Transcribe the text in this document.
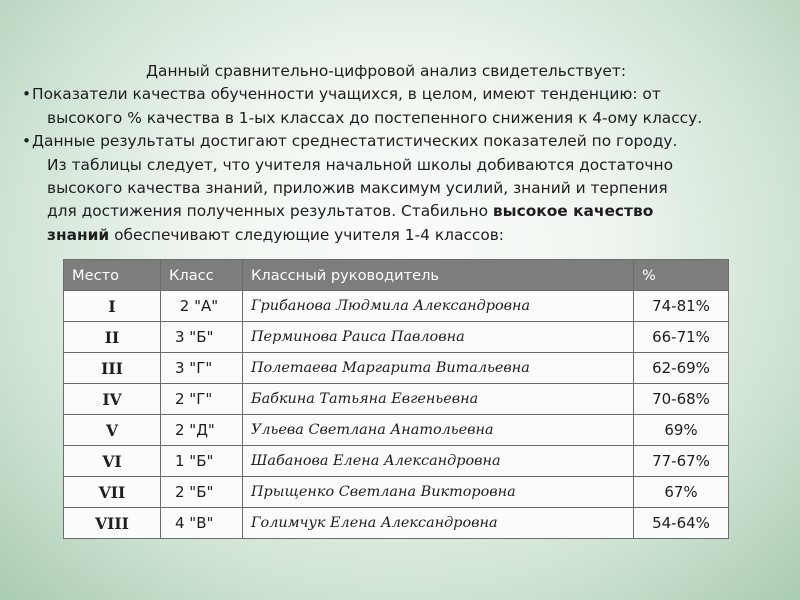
Данный сравнительно-цифровой анализ свидетельствует:
• Показатели качества обученности учащихся, в целом, имеют тенденцию: от
высокого % качества в 1-ых классах до постепенного снижения к 4-ому классу.
• Данные результаты достигают среднестатистических показателей по городу.
Из таблицы следует, что учителя начальной школы добиваются достаточно
высокого качества знаний, приложив максимум усилий, знаний и терпения
для достижения полученных результатов. Стабильно высокое качество
знаний обеспечивают следующие учителя 1-4 классов:
Место	Класс	Классный руководитель	%
I	2 "А"	Грибанова Людмила Александровна	74-81%
II	3 "Б"	Перминова Раиса Павловна	66-71%
III	3 "Г"	Полетаева Маргарита Витальевна	62-69%
IV	2 "Г"	Бабкина Татьяна Евгеньевна	70-68%
V	2 "Д"	Ульева Светлана Анатольевна	69%
VI	1 "Б"	Шабанова Елена Александровна	77-67%
VII	2 "Б"	Прыщенко Светлана Викторовна	67%
VIII	4 "В"	Голимчук Елена Александровна	54-64%
